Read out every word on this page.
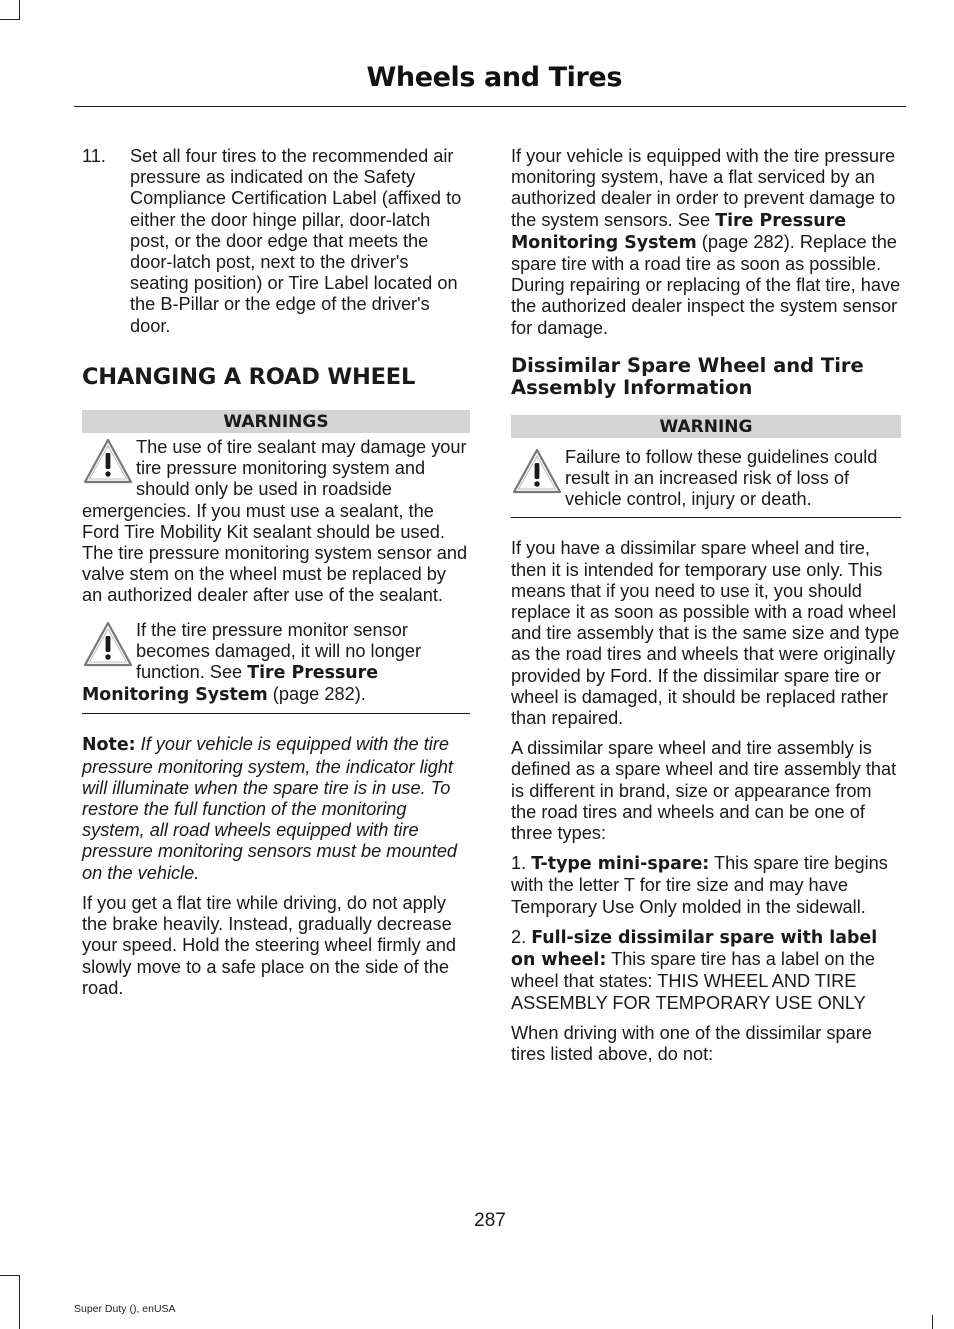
Wheels and Tires
11.	Set all four tires to the recommended air pressure as indicated on the Safety Compliance Certification Label (affixed to either the door hinge pillar, door-latch post, or the door edge that meets the door-latch post, next to the driver's seating position) or Tire Label located on the B-Pillar or the edge of the driver's door.
CHANGING A ROAD WHEEL
WARNINGS

The use of tire sealant may damage your tire pressure monitoring system and should only be used in roadside emergencies. If you must use a sealant, the Ford Tire Mobility Kit sealant should be used. The tire pressure monitoring system sensor and valve stem on the wheel must be replaced by an authorized dealer after use of the sealant.

If the tire pressure monitor sensor becomes damaged, it will no longer function. See Tire Pressure Monitoring System (page 282).

Note: If your vehicle is equipped with the tire pressure monitoring system, the indicator light will illuminate when the spare tire is in use. To restore the full function of the monitoring system, all road wheels equipped with tire pressure monitoring sensors must be mounted on the vehicle.

If you get a flat tire while driving, do not apply the brake heavily. Instead, gradually decrease your speed. Hold the steering wheel firmly and slowly move to a safe place on the side of the road.

If your vehicle is equipped with the tire pressure monitoring system, have a flat serviced by an authorized dealer in order to prevent damage to the system sensors. See Tire Pressure Monitoring System (page 282). Replace the spare tire with a road tire as soon as possible. During repairing or replacing of the flat tire, have the authorized dealer inspect the system sensor for damage.

Dissimilar Spare Wheel and Tire Assembly Information
WARNING

Failure to follow these guidelines could result in an increased risk of loss of vehicle control, injury or death.

If you have a dissimilar spare wheel and tire, then it is intended for temporary use only. This means that if you need to use it, you should replace it as soon as possible with a road wheel and tire assembly that is the same size and type as the road tires and wheels that were originally provided by Ford. If the dissimilar spare tire or wheel is damaged, it should be replaced rather than repaired.

A dissimilar spare wheel and tire assembly is defined as a spare wheel and tire assembly that is different in brand, size or appearance from the road tires and wheels and can be one of three types:

1. T-type mini-spare: This spare tire begins with the letter T for tire size and may have Temporary Use Only molded in the sidewall.

2. Full-size dissimilar spare with label on wheel: This spare tire has a label on the wheel that states: THIS WHEEL AND TIRE ASSEMBLY FOR TEMPORARY USE ONLY

When driving with one of the dissimilar spare tires listed above, do not:

287
Super Duty (), enUSA
